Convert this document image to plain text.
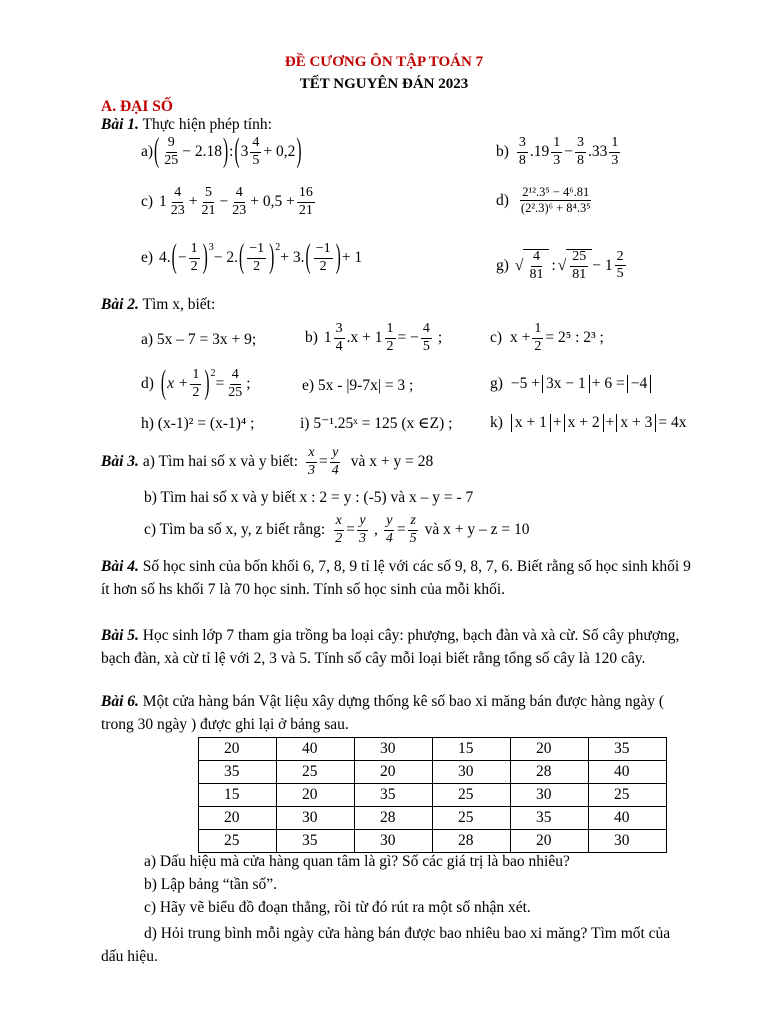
ĐỀ CƯƠNG ÔN TẬP TOÁN 7
TẾT NGUYÊN ĐÁN 2023
A. ĐẠI SỐ
Bài 1. Thực hiện phép tính:
a) ( 9
25 − 2.18 ) : ( 3
4
5 + 0,2 )	b)
3
8 .19
1
$3 - \frac{3}{8} .33$
1
3
c) 1
4
$23 + \frac{5}{21} - \frac{4}{23} + 0,5 + \frac{16}{21}$	d) 2¹².3⁵ − 4⁶.81
(2².3)⁶ + 8⁴.3⁵
e) 4. ( − $\frac{1}{2} )^3$
− 2. ( −1
2 )$^2$
+ 3. ( −1
2 ) + 1	g) √
4
81
: √
25
81
− 1
2
5
Bài 2. Tìm x, biết:
a) 5x – 7 = 3x + 9;	b) 1
3
4 $.x + 1 \frac{1}{2}$ = − $\frac{4}{5}$ ;	c) $x + \frac{1}{2} = 2^5$ : 2³ ;
d) ( $x + \frac{1}{2} )^2$
= $\frac{4}{25}$ ;	e) 5x - |9-7x| = 3 ;	g) −5 + 3x − 1 + 6 = −4
h) (x-1)² = (x-1)⁴ ;	i) 5⁻¹.25ˣ = 125 (x ∈Z) ; k) x + 1 + x + 2 + x + 3 = 4x
Bài 3. a) Tìm hai số x và y biết: $\frac{x}{3} = \frac{y}{4}$ và x + y = 28
b) Tìm hai số x và y biết x : 2 = y : (-5) và x – y = - 7
c) Tìm ba số x, y, z biết rằng: $\frac{x}{2} = \frac{y}{3}$ , $\frac{y}{4} = \frac{z}{5}$ và x + y – z = 10
Bài 4. Số học sinh của bốn khối 6, 7, 8, 9 tỉ lệ với các số 9, 8, 7, 6. Biết rằng số học sinh khối 9 ít hơn số hs khối 7 là 70 học sinh. Tính số học sinh của mỗi khối.
Bài 5. Học sinh lớp 7 tham gia trồng ba loại cây: phượng, bạch đàn và xà cừ. Số cây phượng, bạch đàn, xà cừ tỉ lệ với 2, 3 và 5. Tính số cây mỗi loại biết rằng tổng số cây là 120 cây.
Bài 6. Một cửa hàng bán Vật liệu xây dựng thống kê số bao xi măng bán được hàng ngày ( trong 30 ngày ) được ghi lại ở bảng sau.
20	40	30	15	20	35
35	25	20	30	28	40
15	20	35	25	30	25
20	30	28	25	35	40
25	35	30	28	20	30
a) Dấu hiệu mà cửa hàng quan tâm là gì? Số các giá trị là bao nhiêu?
b) Lập bảng “tần số”.
c) Hãy vẽ biểu đồ đoạn thẳng, rồi từ đó rút ra một số nhận xét.
d) Hỏi trung bình mỗi ngày cửa hàng bán được bao nhiêu bao xi măng? Tìm mốt của dấu hiệu.
